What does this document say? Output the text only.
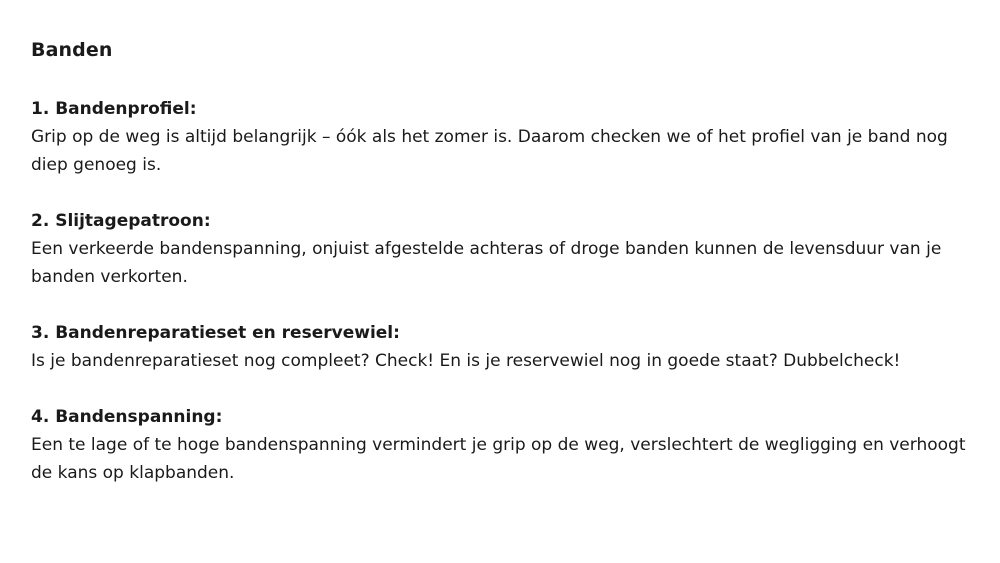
Banden

1. Bandenprofiel:

Grip op de weg is altijd belangrijk – óók als het zomer is. Daarom checken we of het profiel van je band nog diep genoeg is.

2. Slijtagepatroon:

Een verkeerde bandenspanning, onjuist afgestelde achteras of droge banden kunnen de levensduur van je banden verkorten.

3. Bandenreparatieset en reservewiel:

Is je bandenreparatieset nog compleet? Check! En is je reservewiel nog in goede staat? Dubbelcheck!

4. Bandenspanning:

Een te lage of te hoge bandenspanning vermindert je grip op de weg, verslechtert de wegligging en verhoogt de kans op klapbanden.
